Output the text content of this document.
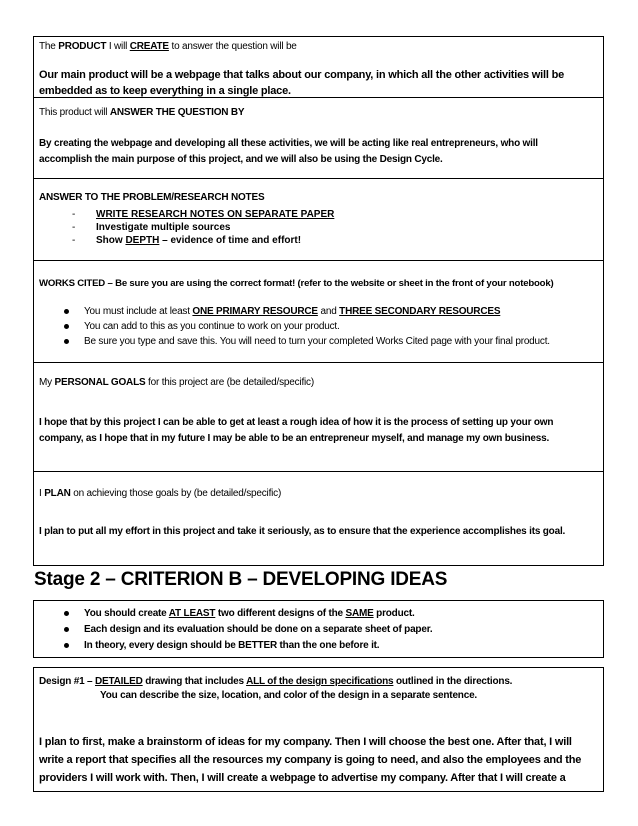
The PRODUCT I will CREATE to answer the question will be
Our main product will be a webpage that talks about our company, in which all the other activities will be
embedded as to keep everything in a single place.
This product will ANSWER THE QUESTION BY
By creating the webpage and developing all these activities, we will be acting like real entrepreneurs, who will
accomplish the main purpose of this project, and we will also be using the Design Cycle.
ANSWER TO THE PROBLEM/RESEARCH NOTES
- WRITE RESEARCH NOTES ON SEPARATE PAPER
- Investigate multiple sources
- Show DEPTH – evidence of time and effort!
WORKS CITED – Be sure you are using the correct format! (refer to the website or sheet in the front of your notebook)
You must include at least ONE PRIMARY RESOURCE and THREE SECONDARY RESOURCES
You can add to this as you continue to work on your product.
Be sure you type and save this. You will need to turn your completed Works Cited page with your final product.
My PERSONAL GOALS for this project are (be detailed/specific)
I hope that by this project I can be able to get at least a rough idea of how it is the process of setting up your own
company, as I hope that in my future I may be able to be an entrepreneur myself, and manage my own business.
I PLAN on achieving those goals by (be detailed/specific)
I plan to put all my effort in this project and take it seriously, as to ensure that the experience accomplishes its goal.
Stage 2 – CRITERION B – DEVELOPING IDEAS
You should create AT LEAST two different designs of the SAME product.
Each design and its evaluation should be done on a separate sheet of paper.
In theory, every design should be BETTER than the one before it.
Design #1 – DETAILED drawing that includes ALL of the design specifications outlined in the directions.
You can describe the size, location, and color of the design in a separate sentence.
I plan to first, make a brainstorm of ideas for my company. Then I will choose the best one. After that, I will
write a report that specifies all the resources my company is going to need, and also the employees and the
providers I will work with. Then, I will create a webpage to advertise my company. After that I will create a
